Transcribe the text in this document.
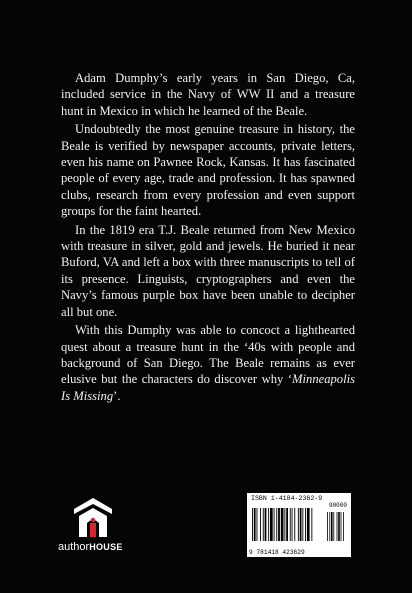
Adam Dumphy’s early years in San Diego, Ca, included service in the Navy of WW II and a treasure hunt in Mexico in which he learned of the Beale.

Undoubtedly the most genuine treasure in history, the Beale is verified by newspaper accounts, private letters, even his name on Pawnee Rock, Kansas. It has fascinated people of every age, trade and profession. It has spawned clubs, research from every profession and even support groups for the faint hearted.

In the 1819 era T.J. Beale returned from New Mexico with treasure in silver, gold and jewels. He buried it near Buford, VA and left a box with three manuscripts to tell of its presence. Linguists, cryptographers and even the Navy’s famous purple box have been unable to decipher all but one.

With this Dumphy was able to concoct a lighthearted quest about a treasure hunt in the ‘40s with people and background of San Diego. The Beale remains as ever elusive but the characters do discover why ‘Minneapolis Is Missing’.

authorHOUSE
ISBN 1-4184-2362-9
90000
9 781418 423629
